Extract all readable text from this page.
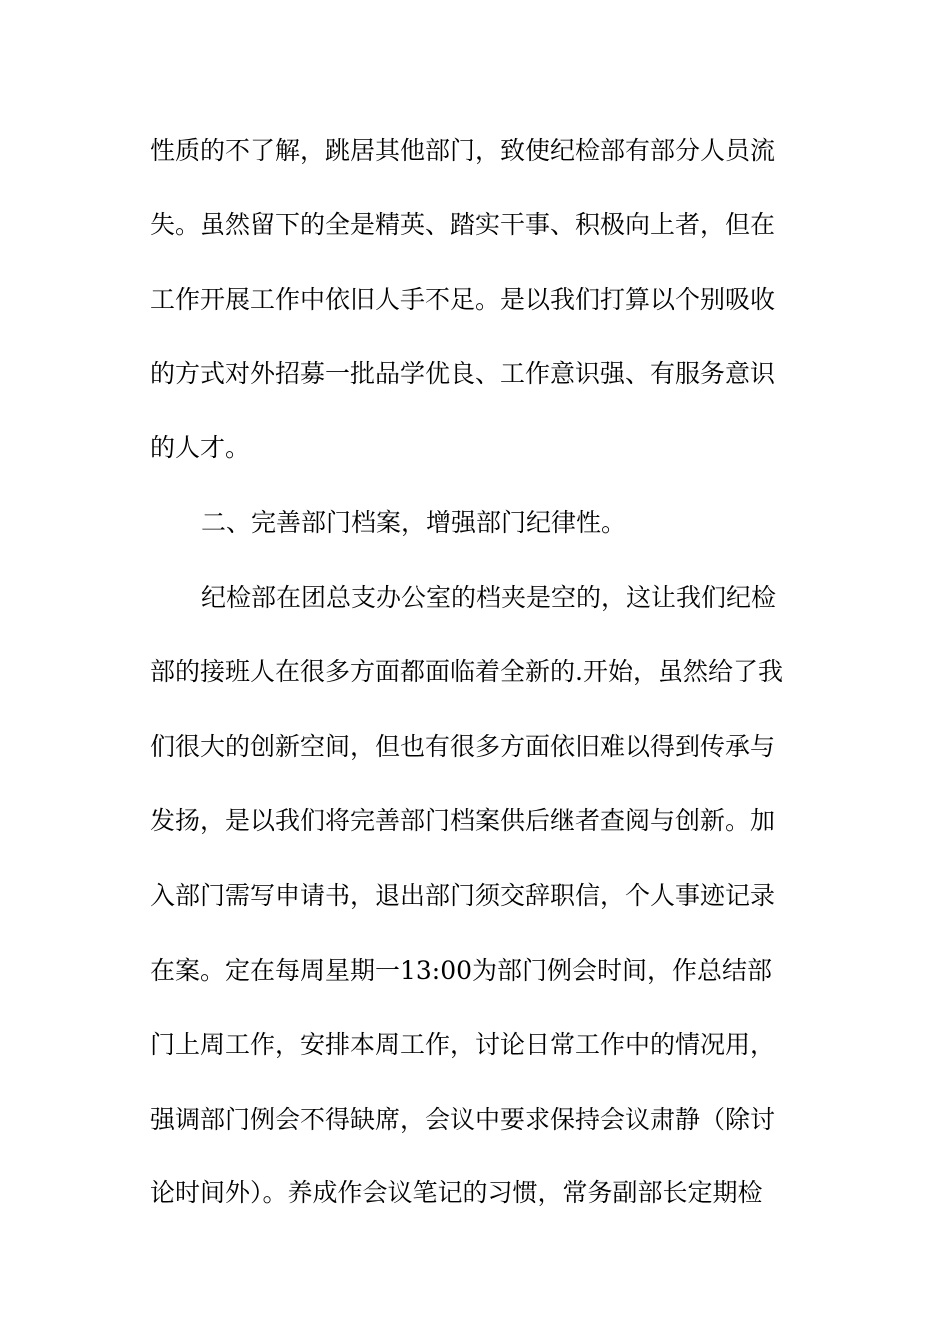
性质的不了解，跳居其他部门，致使纪检部有部分人员流
失。虽然留下的全是精英、踏实干事、积极向上者，但在
工作开展工作中依旧人手不足。是以我们打算以个别吸收
的方式对外招募一批品学优良、工作意识强、有服务意识
的人才。
二、完善部门档案，增强部门纪律性。
纪检部在团总支办公室的档夹是空的，这让我们纪检
部的接班人在很多方面都面临着全新的.开始，虽然给了我
们很大的创新空间，但也有很多方面依旧难以得到传承与
发扬，是以我们将完善部门档案供后继者查阅与创新。加
入部门需写申请书，退出部门须交辞职信，个人事迹记录
在案。定在每周星期一13:00为部门例会时间，作总结部
门上周工作，安排本周工作，讨论日常工作中的情况用，
强调部门例会不得缺席，会议中要求保持会议肃静（除讨
论时间外）。养成作会议笔记的习惯，常务副部长定期检
